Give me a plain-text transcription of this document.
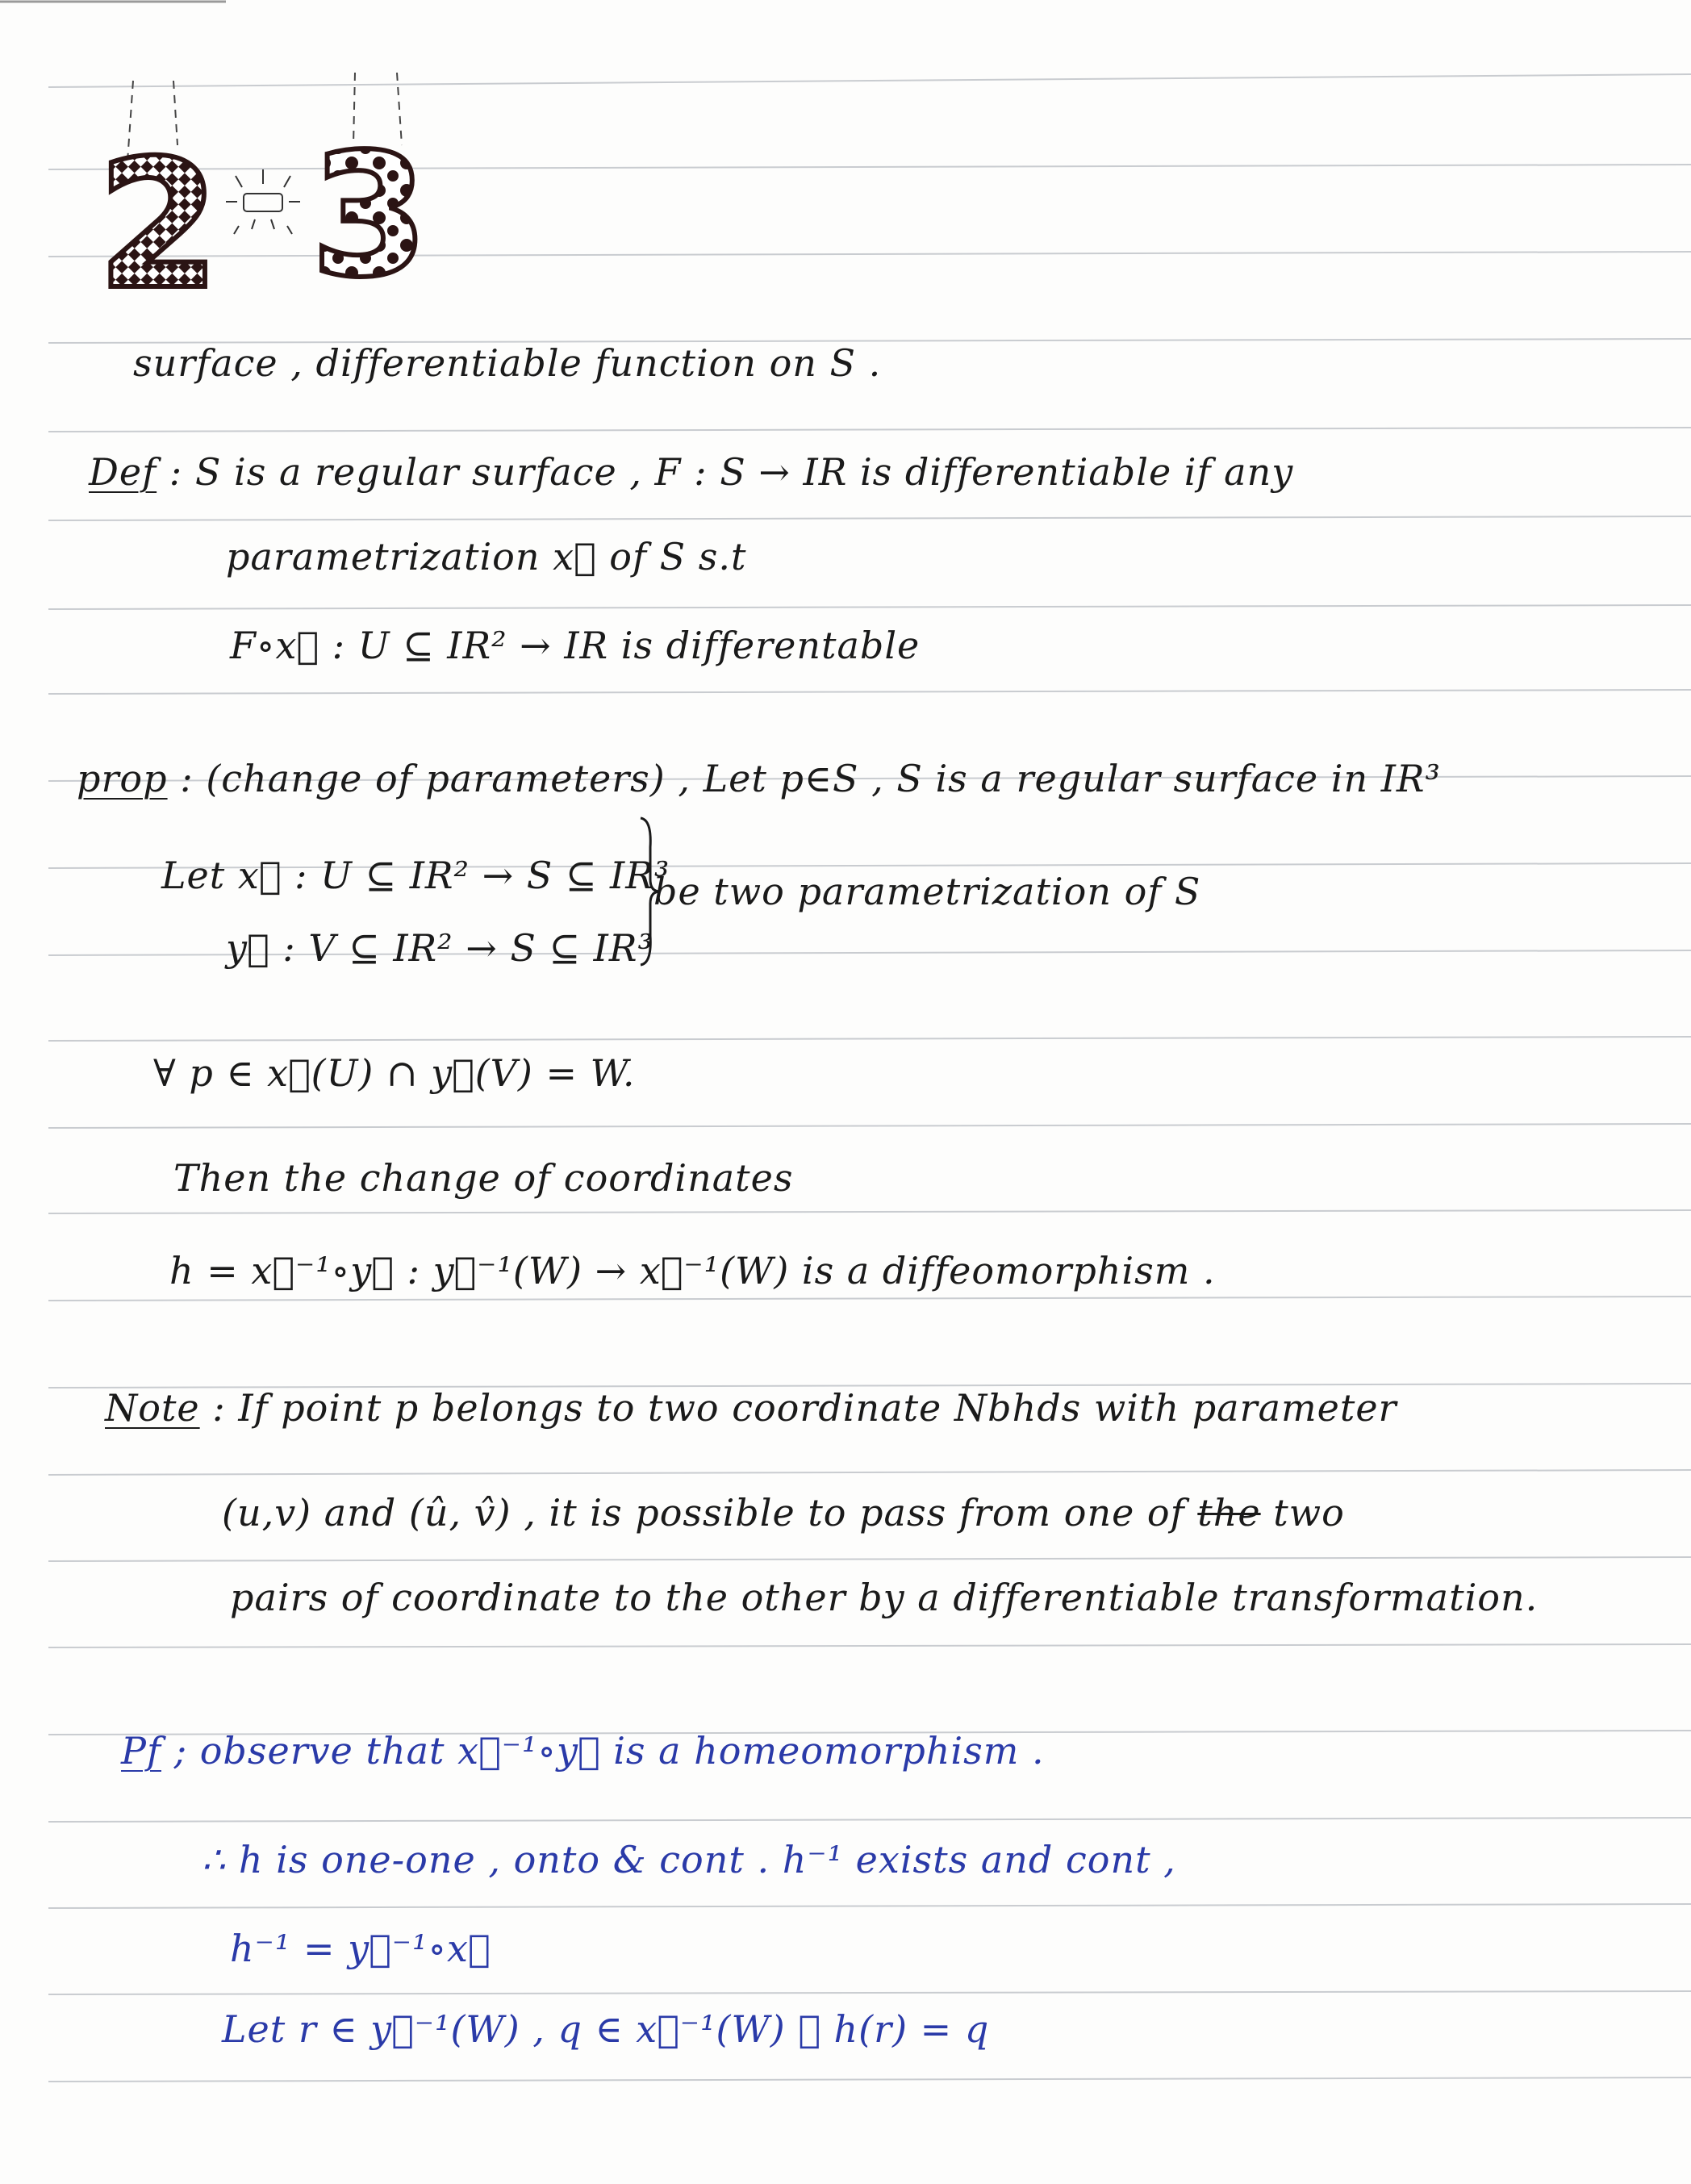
2 3
surface , differentiable function on S .
Def : S is a regular surface , F : S → IR is differentiable if any
parametrization x⃗ of S s.t
F∘x⃗ : U ⊆ IR² → IR is differentable
prop : (change of parameters) , Let p∈S , S is a regular surface in IR³
Let x⃗ : U ⊆ IR² → S ⊆ IR³
be two parametrization of S
y⃗ : V ⊆ IR² → S ⊆ IR³
∀ p ∈ x⃗(U) ∩ y⃗(V) = W.
Then the change of coordinates
h = x⃗⁻¹∘y⃗ : y⃗⁻¹(W) → x⃗⁻¹(W) is a diffeomorphism .
Note : If point p belongs to two coordinate Nbhds with parameter
(u,v) and (û, v̂) , it is possible to pass from one of the two
pairs of coordinate to the other by a differentiable transformation.
Pf ; observe that x⃗⁻¹∘y⃗ is a homeomorphism .
∴ h is one-one , onto & cont . h⁻¹ exists and cont ,
h⁻¹ = y⃗⁻¹∘x⃗
Let r ∈ y⃗⁻¹(W) , q ∈ x⃗⁻¹(W) ∴ h(r) = q
